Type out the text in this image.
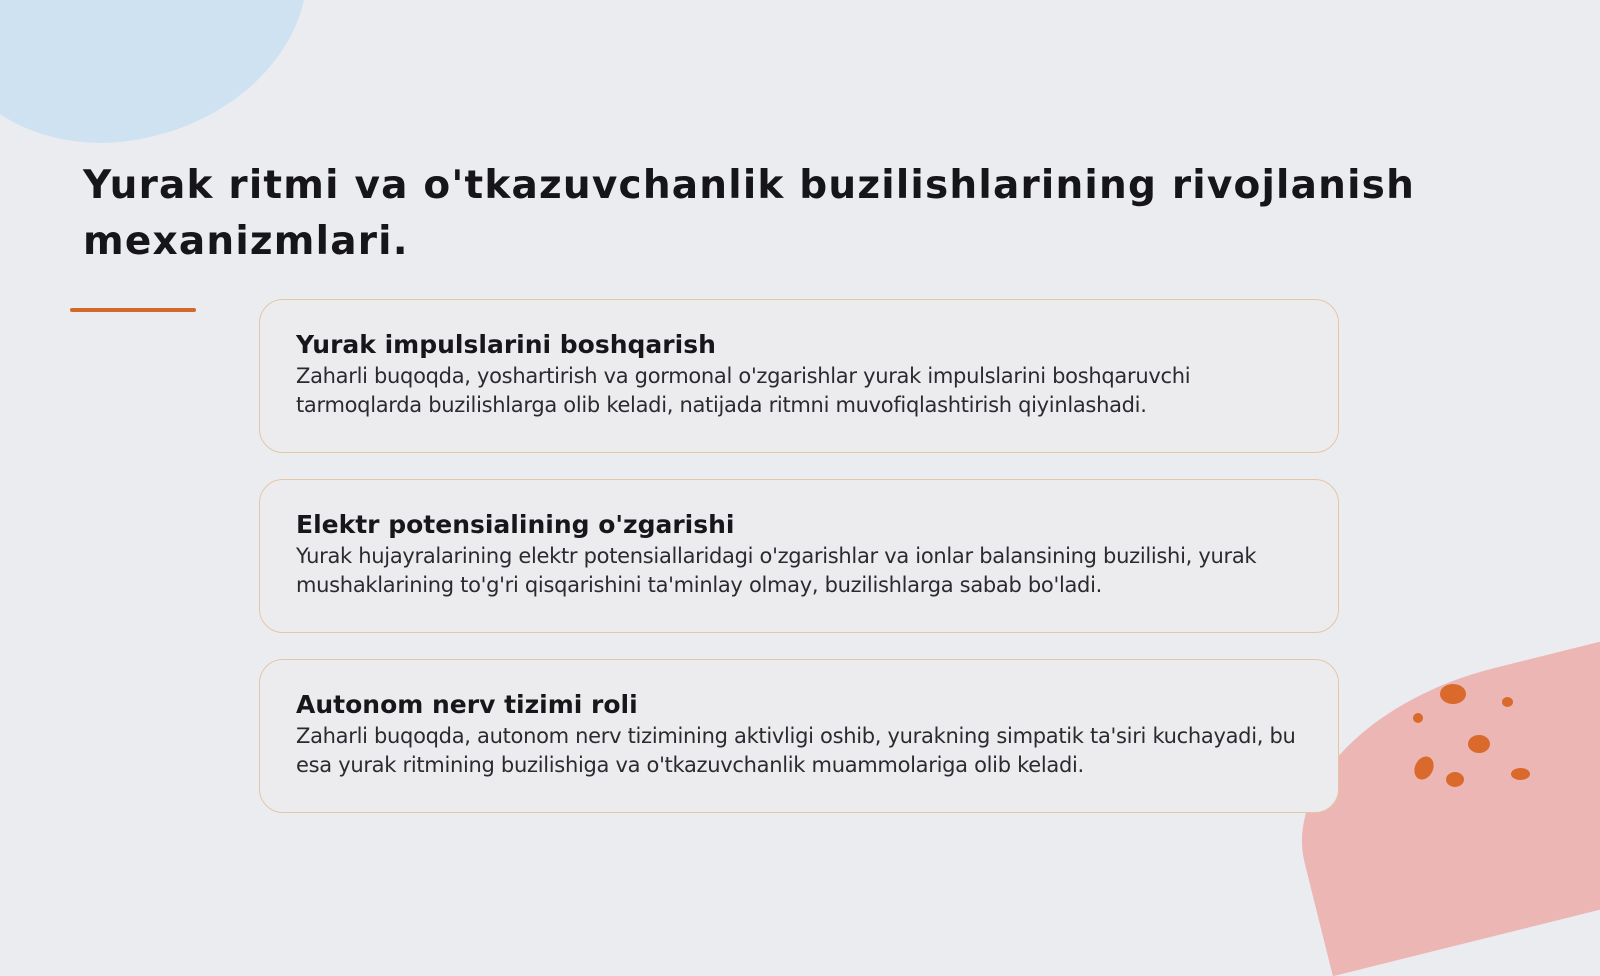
Yurak ritmi va o'tkazuvchanlik buzilishlarining rivojlanish mexanizmlari.
Yurak impulslarini boshqarish

Zaharli buqoqda, yoshartirish va gormonal o'zgarishlar yurak impulslarini boshqaruvchi tarmoqlarda buzilishlarga olib keladi, natijada ritmni muvofiqlashtirish qiyinlashadi.

Elektr potensialining o'zgarishi

Yurak hujayralarining elektr potensiallaridagi o'zgarishlar va ionlar balansining buzilishi, yurak mushaklarining to'g'ri qisqarishini ta'minlay olmay, buzilishlarga sabab bo'ladi.

Autonom nerv tizimi roli

Zaharli buqoqda, autonom nerv tizimining aktivligi oshib, yurakning simpatik ta'siri kuchayadi, bu esa yurak ritmining buzilishiga va o'tkazuvchanlik muammolariga olib keladi.
